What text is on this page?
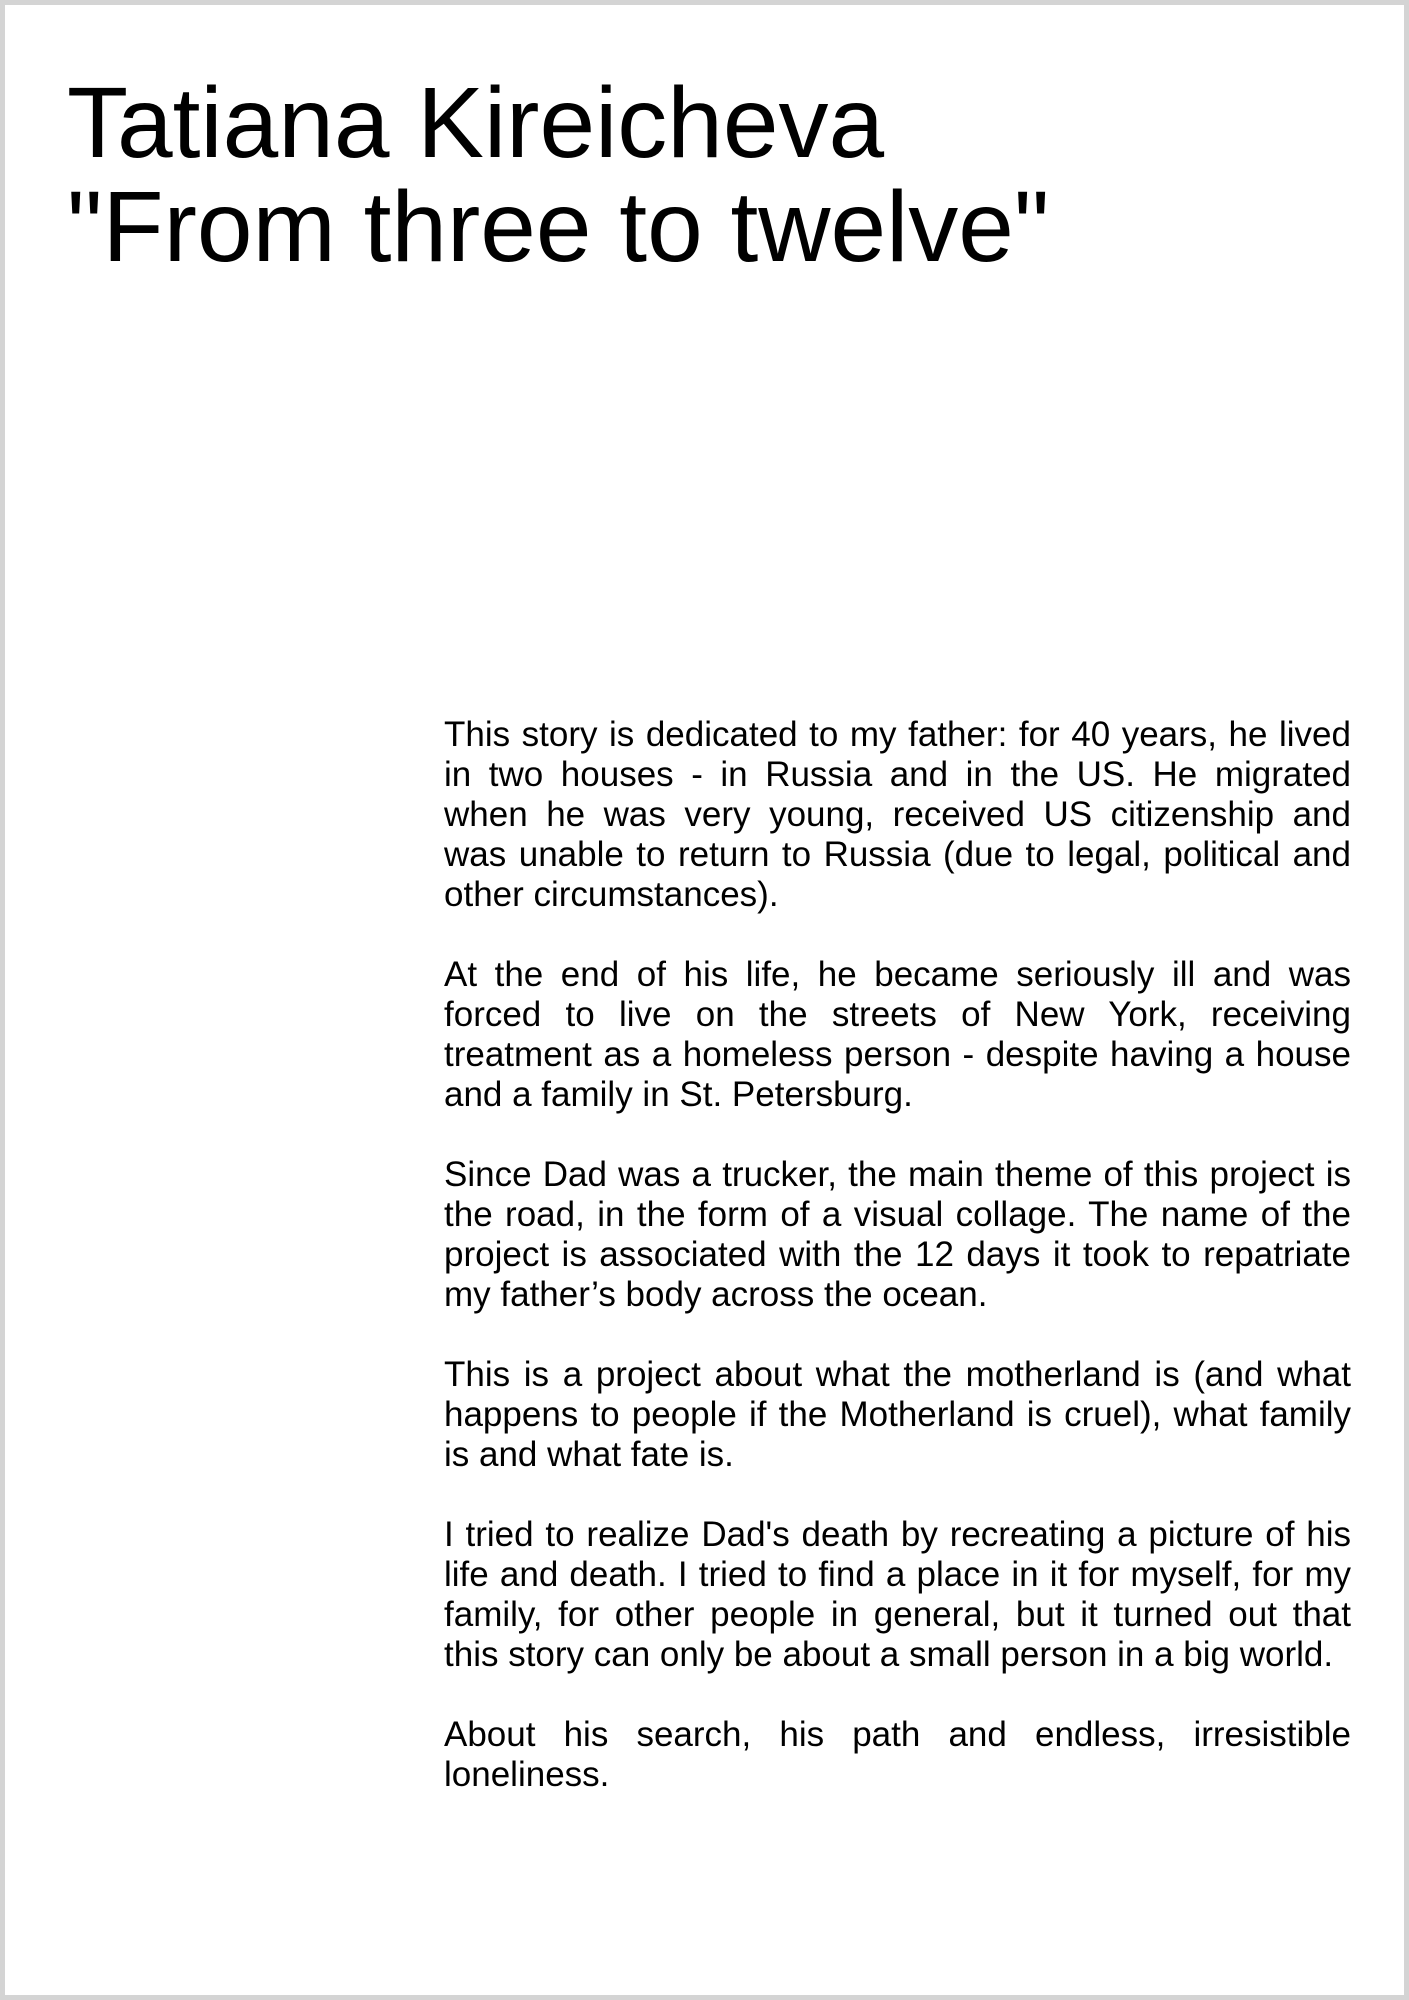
Tatiana Kireicheva
"From three to twelve"

This story is dedicated to my father: for 40 years, he lived in two houses - in Russia and in the US. He migrated when he was very young, received US citizenship and was unable to return to Russia (due to legal, political and other circumstances).

At the end of his life, he became seriously ill and was forced to live on the streets of New York, receiving treatment as a homeless person - despite having a house and a family in St. Petersburg.

Since Dad was a trucker, the main theme of this project is the road, in the form of a visual collage. The name of the project is associated with the 12 days it took to repatriate my father’s body across the ocean.

This is a project about what the motherland is (and what happens to people if the Motherland is cruel), what family is and what fate is.

I tried to realize Dad's death by recreating a picture of his life and death. I tried to find a place in it for myself, for my family, for other people in general, but it turned out that this story can only be about a small person in a big world.

About his search, his path and endless, irresistible loneliness.
